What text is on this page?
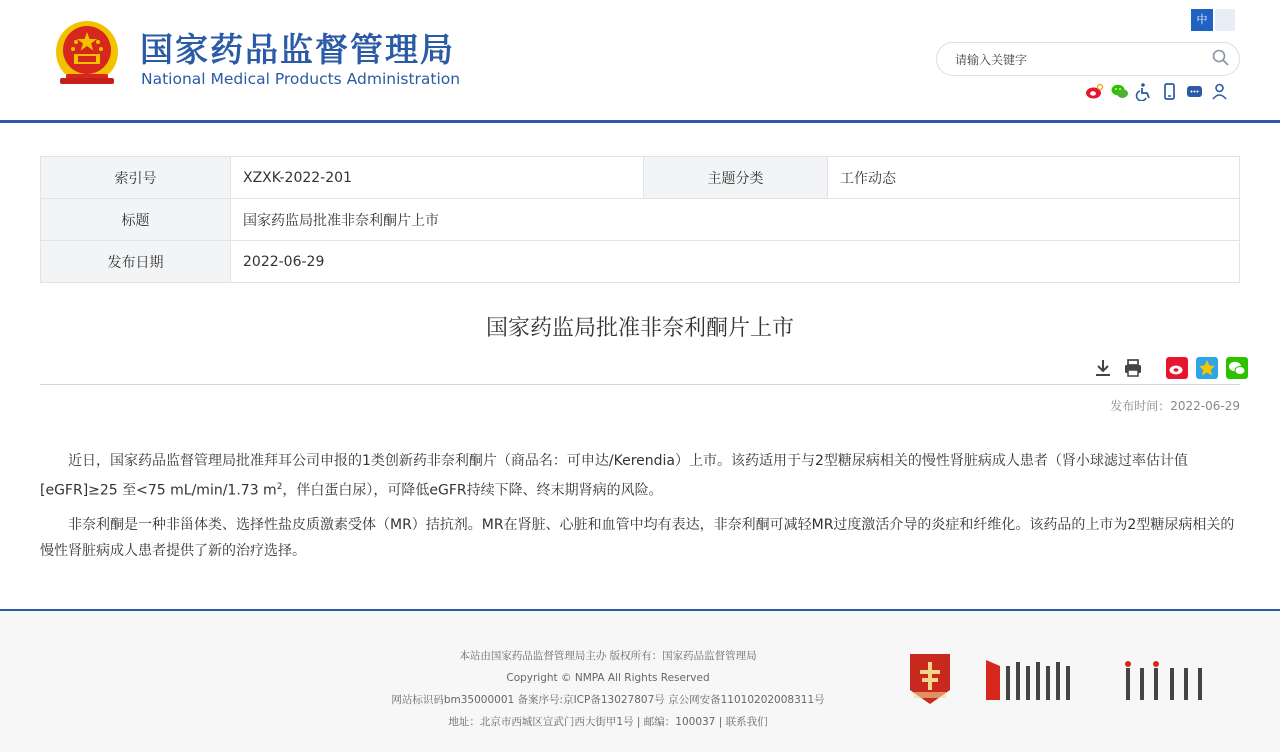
国家药品监督管理局
National Medical Products Administration
中
请输入关键字
索引号	XZXK-2022-201	主题分类	工作动态
标题	国家药监局批准非奈利酮片上市		
发布日期	2022-06-29		
国家药监局批准非奈利酮片上市
发布时间：2022-06-29

近日，国家药品监督管理局批准拜耳公司申报的1类创新药非奈利酮片（商品名：可申达/Kerendia）上市。该药适用于与2型糖尿病相关的慢性肾脏病成人患者（肾小球滤过率估计值[eGFR]≥25 至<75 mL/min/1.73 $m^2$，伴白蛋白尿），可降低eGFR持续下降、终末期肾病的风险。

非奈利酮是一种非甾体类、选择性盐皮质激素受体（MR）拮抗剂。MR在肾脏、心脏和血管中均有表达，非奈利酮可减轻MR过度激活介导的炎症和纤维化。该药品的上市为2型糖尿病相关的慢性肾脏病成人患者提供了新的治疗选择。

本站由国家药品监督管理局主办 版权所有：国家药品监督管理局
Copyright © NMPA All Rights Reserved
网站标识码bm35000001 备案序号:京ICP备13027807号 京公网安备11010202008311号
地址：北京市西城区宣武门西大街甲1号 | 邮编：100037 | 联系我们
